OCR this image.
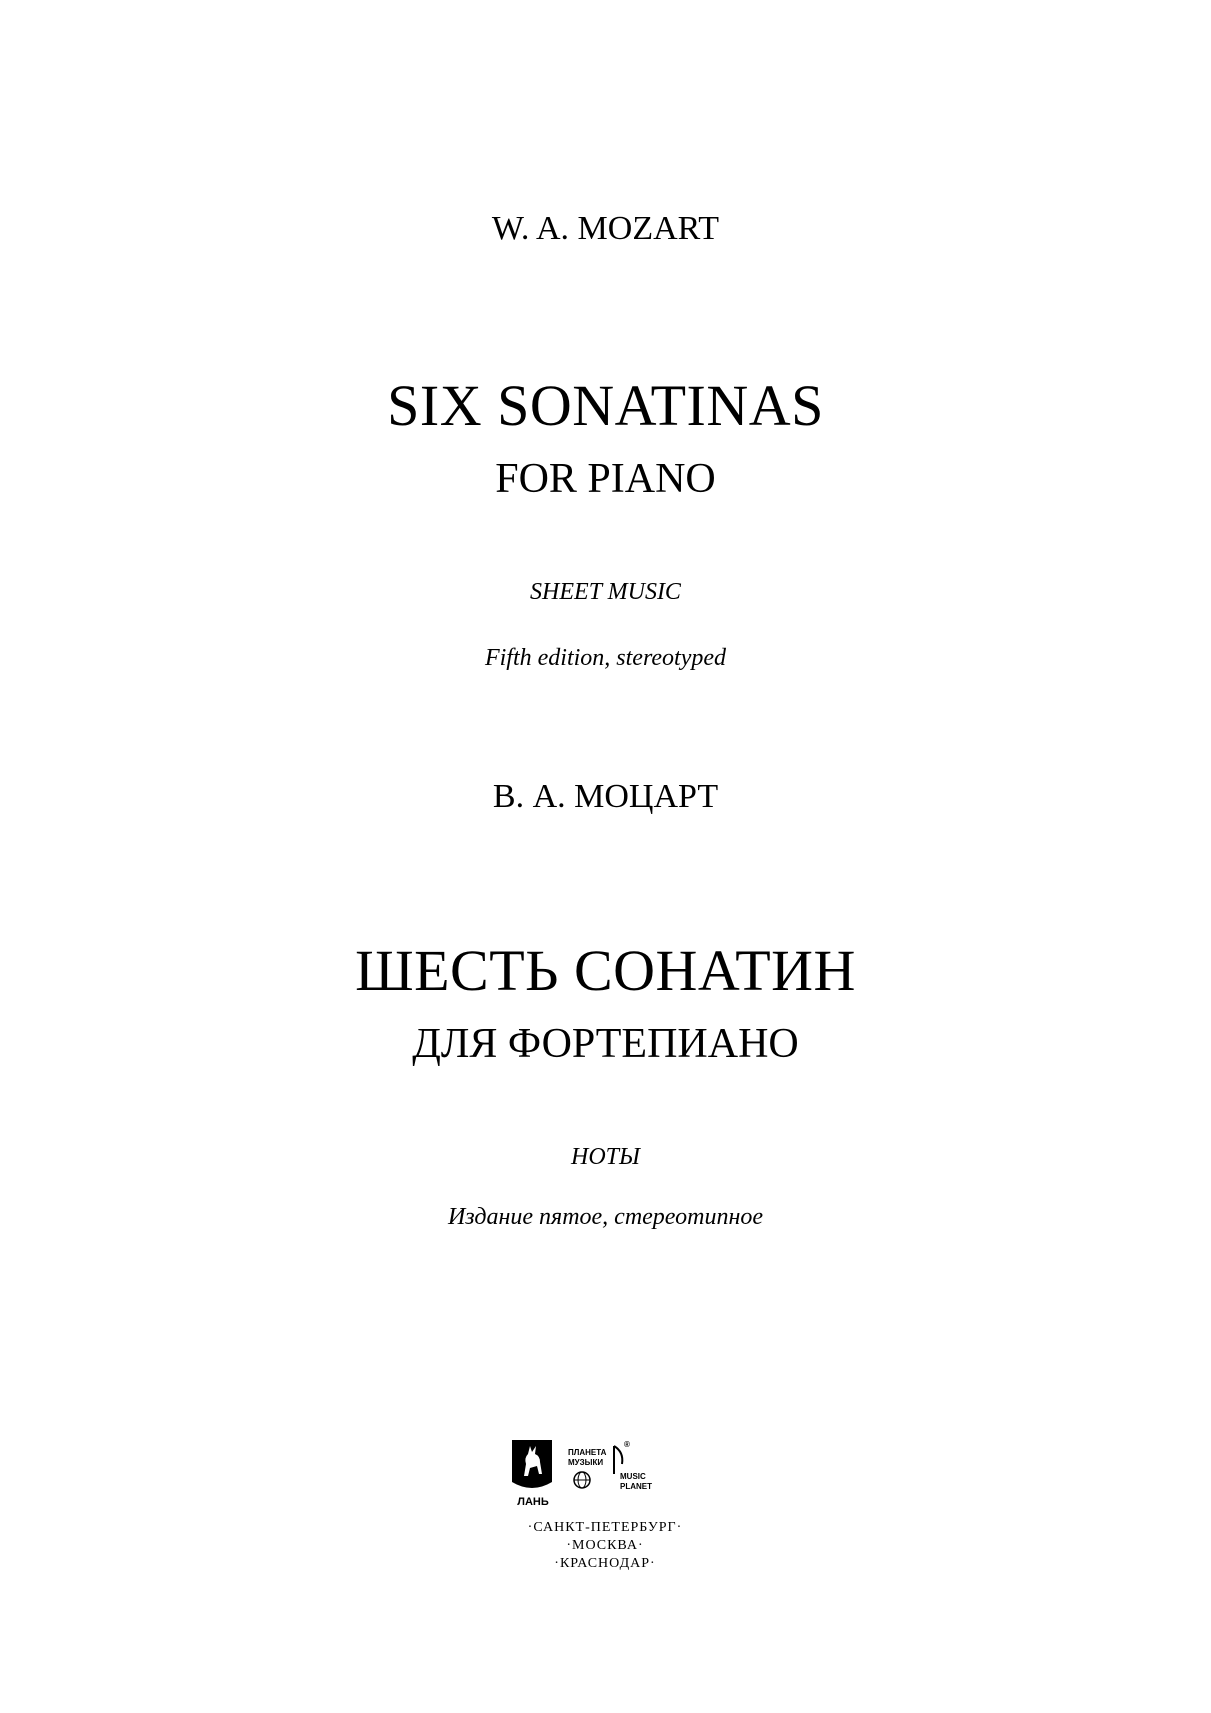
W. A. MOZART
SIX SONATINAS
FOR PIANO
SHEET MUSIC
Fifth edition, stereotyped
В. А. МОЦАРТ
ШЕСТЬ СОНАТИН
ДЛЯ ФОРТЕПИАНО
НОТЫ
Издание пятое, стереотипное
ЛАНЬ
ПЛАНЕТА
МУЗЫКИ
®
MUSIC
PLANET
·САНКТ-ПЕТЕРБУРГ·
·МОСКВА·
·КРАСНОДАР·
